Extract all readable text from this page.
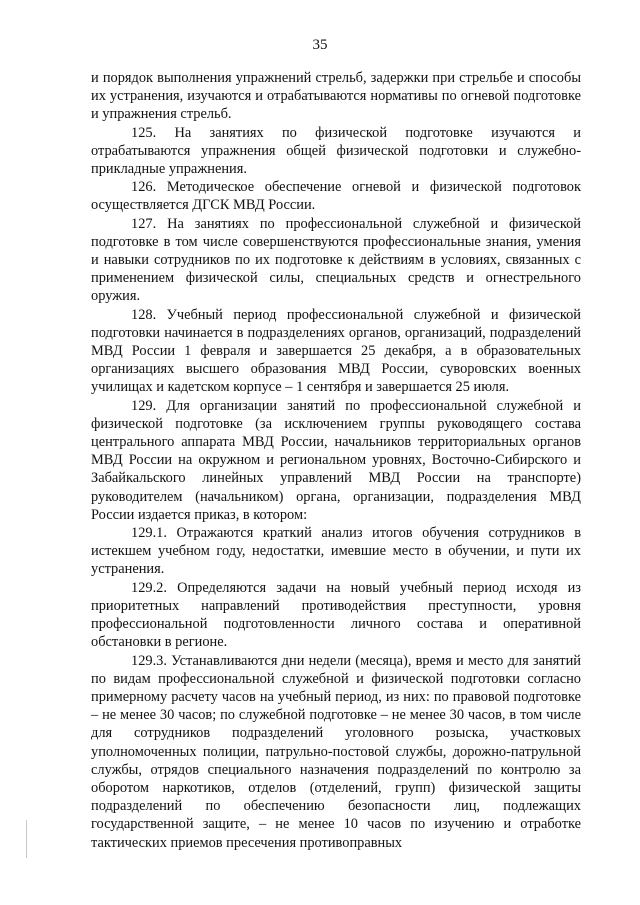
35

и порядок выполнения упражнений стрельб, задержки при стрельбе и способы их устранения, изучаются и отрабатываются нормативы по огневой подготовке и упражнения стрельб.

125. На занятиях по физической подготовке изучаются и отрабатываются упражнения общей физической подготовки и служебно-прикладные упражнения.

126. Методическое обеспечение огневой и физической подготовок осуществляется ДГСК МВД России.

127. На занятиях по профессиональной служебной и физической подготовке в том числе совершенствуются профессиональные знания, умения и навыки сотрудников по их подготовке к действиям в условиях, связанных с применением физической силы, специальных средств и огнестрельного оружия.

128. Учебный период профессиональной служебной и физической подготовки начинается в подразделениях органов, организаций, подразделений МВД России 1 февраля и завершается 25 декабря, а в образовательных организациях высшего образования МВД России, суворовских военных училищах и кадетском корпусе – 1 сентября и завершается 25 июля.

129. Для организации занятий по профессиональной служебной и физической подготовке (за исключением группы руководящего состава центрального аппарата МВД России, начальников территориальных органов МВД России на окружном и региональном уровнях, Восточно-Сибирского и Забайкальского линейных управлений МВД России на транспорте) руководителем (начальником) органа, организации, подразделения МВД России издается приказ, в котором:

129.1. Отражаются краткий анализ итогов обучения сотрудников в истекшем учебном году, недостатки, имевшие место в обучении, и пути их устранения.

129.2. Определяются задачи на новый учебный период исходя из приоритетных направлений противодействия преступности, уровня профессиональной подготовленности личного состава и оперативной обстановки в регионе.

129.3. Устанавливаются дни недели (месяца), время и место для занятий по видам профессиональной служебной и физической подготовки согласно примерному расчету часов на учебный период, из них: по правовой подготовке – не менее 30 часов; по служебной подготовке – не менее 30 часов, в том числе для сотрудников подразделений уголовного розыска, участковых уполномоченных полиции, патрульно-постовой службы, дорожно-патрульной службы, отрядов специального назначения подразделений по контролю за оборотом наркотиков, отделов (отделений, групп) физической защиты подразделений по обеспечению безопасности лиц, подлежащих государственной защите, – не менее 10 часов по изучению и отработке тактических приемов пресечения противоправных
